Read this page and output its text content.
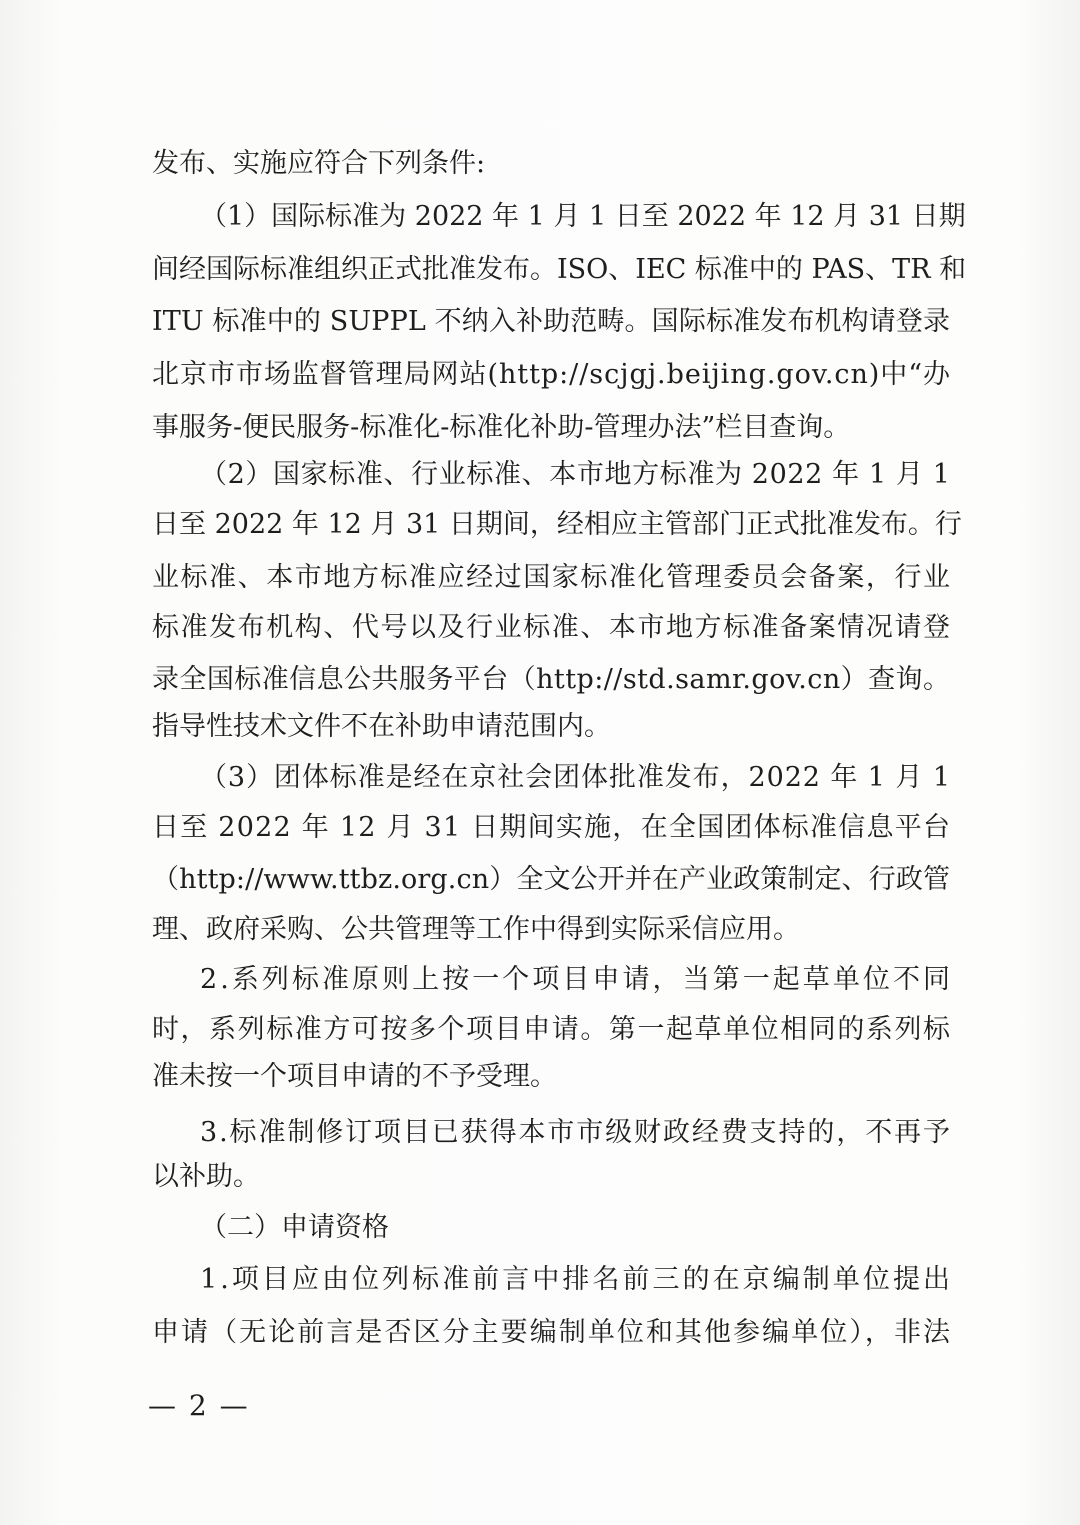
发布、实施应符合下列条件:
（1）国际标准为 2022 年 1 月 1 日至 2022 年 12 月 31 日期
间经国际标准组织正式批准发布。ISO、IEC 标准中的 PAS、TR 和
ITU 标准中的 SUPPL 不纳入补助范畴。国际标准发布机构请登录
北京市市场监督管理局网站(http://scjgj.beijing.gov.cn)中“办
事服务-便民服务-标准化-标准化补助-管理办法”栏目查询。
（2）国家标准、行业标准、本市地方标准为 2022 年 1 月 1
日至 2022 年 12 月 31 日期间，经相应主管部门正式批准发布。行
业标准、本市地方标准应经过国家标准化管理委员会备案，行业
标准发布机构、代号以及行业标准、本市地方标准备案情况请登
录全国标准信息公共服务平台（http://std.samr.gov.cn）查询。
指导性技术文件不在补助申请范围内。
（3）团体标准是经在京社会团体批准发布，2022 年 1 月 1
日至 2022 年 12 月 31 日期间实施，在全国团体标准信息平台
（http://www.ttbz.org.cn）全文公开并在产业政策制定、行政管
理、政府采购、公共管理等工作中得到实际采信应用。
2.系列标准原则上按一个项目申请，当第一起草单位不同
时，系列标准方可按多个项目申请。第一起草单位相同的系列标
准未按一个项目申请的不予受理。
3.标准制修订项目已获得本市市级财政经费支持的，不再予
以补助。
（二）申请资格
1.项目应由位列标准前言中排名前三的在京编制单位提出
申请（无论前言是否区分主要编制单位和其他参编单位），非法
— 2 —
